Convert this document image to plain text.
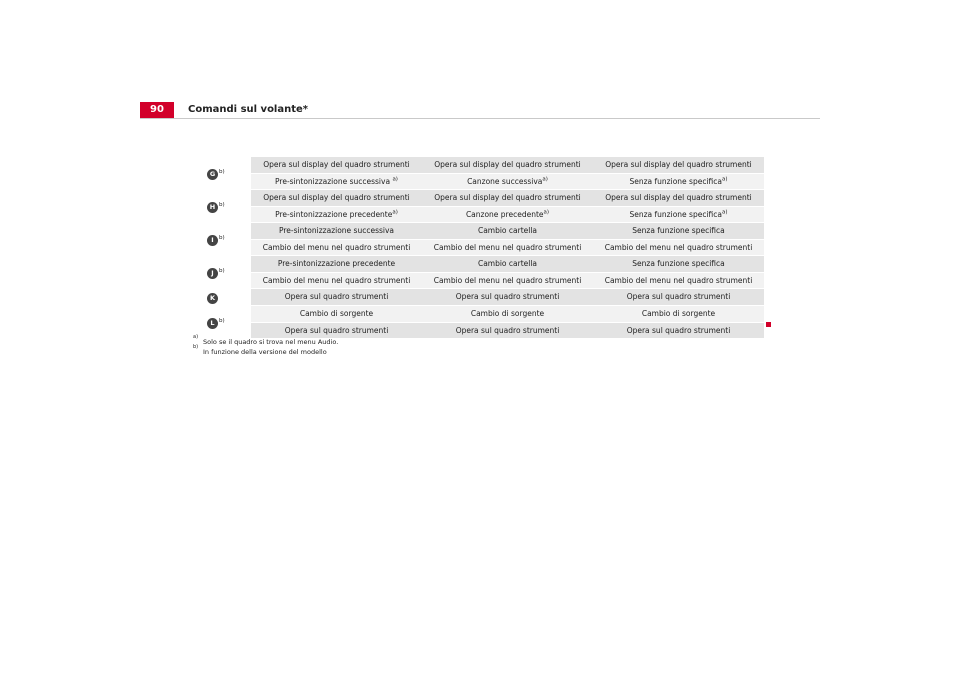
90	Comandi sul volante*
G $^{b)}$	Opera sul display del quadro strumenti	Opera sul display del quadro strumenti	Opera sul display del quadro strumenti
	Pre-sintonizzazione successiva $^{a)}$	Canzone successiva$^{a)}$	Senza funzione specifica$^{a)}$
H $^{b)}$	Opera sul display del quadro strumenti	Opera sul display del quadro strumenti	Opera sul display del quadro strumenti
	Pre-sintonizzazione precedente$^{a)}$	Canzone precedente$^{a)}$	Senza funzione specifica$^{a)}$
I $^{b)}$	Pre-sintonizzazione successiva	Cambio cartella	Senza funzione specifica
	Cambio del menu nel quadro strumenti	Cambio del menu nel quadro strumenti	Cambio del menu nel quadro strumenti
J $^{b)}$	Pre-sintonizzazione precedente	Cambio cartella	Senza funzione specifica
	Cambio del menu nel quadro strumenti	Cambio del menu nel quadro strumenti	Cambio del menu nel quadro strumenti
K	Opera sul quadro strumenti	Opera sul quadro strumenti	Opera sul quadro strumenti
L $^{b)}$	Cambio di sorgente	Cambio di sorgente	Cambio di sorgente
	Opera sul quadro strumenti	Opera sul quadro strumenti	Opera sul quadro strumenti
a)
Solo se il quadro si trova nel menu Audio.
b)
In funzione della versione del modello
